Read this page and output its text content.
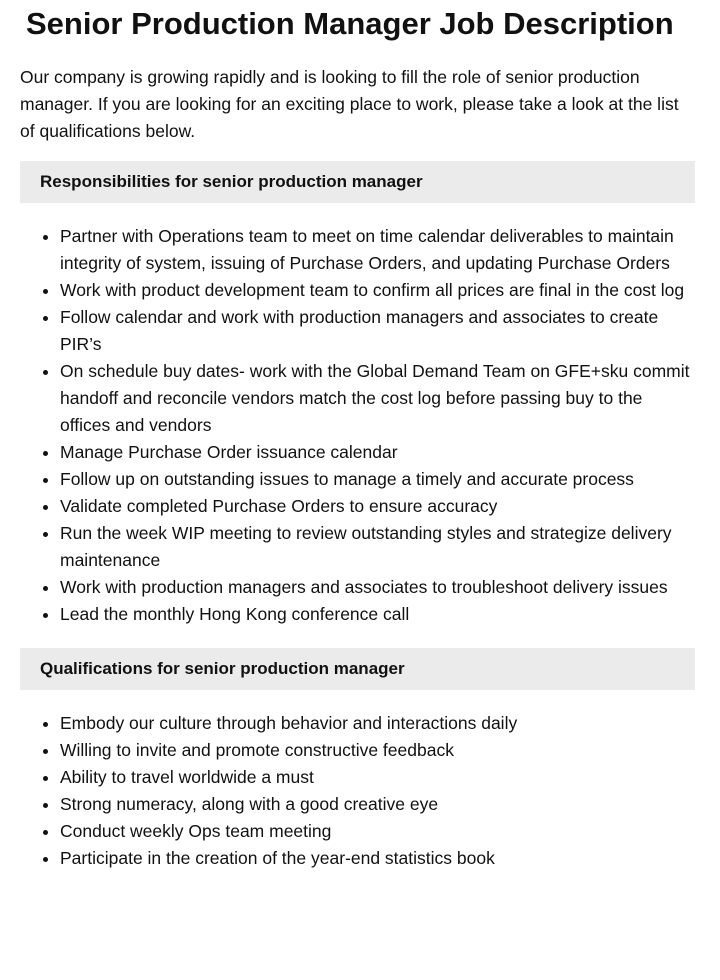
Senior Production Manager Job Description

Our company is growing rapidly and is looking to fill the role of senior production manager. If you are looking for an exciting place to work, please take a look at the list of qualifications below.

Responsibilities for senior production manager
• Partner with Operations team to meet on time calendar deliverables to maintain integrity of system, issuing of Purchase Orders, and updating Purchase Orders
• Work with product development team to confirm all prices are final in the cost log
• Follow calendar and work with production managers and associates to create PIR’s
• On schedule buy dates- work with the Global Demand Team on GFE+sku commit handoff and reconcile vendors match the cost log before passing buy to the offices and vendors
• Manage Purchase Order issuance calendar
• Follow up on outstanding issues to manage a timely and accurate process
• Validate completed Purchase Orders to ensure accuracy
• Run the week WIP meeting to review outstanding styles and strategize delivery maintenance
• Work with production managers and associates to troubleshoot delivery issues
• Lead the monthly Hong Kong conference call
Qualifications for senior production manager
• Embody our culture through behavior and interactions daily
• Willing to invite and promote constructive feedback
• Ability to travel worldwide a must
• Strong numeracy, along with a good creative eye
• Conduct weekly Ops team meeting
• Participate in the creation of the year-end statistics book
